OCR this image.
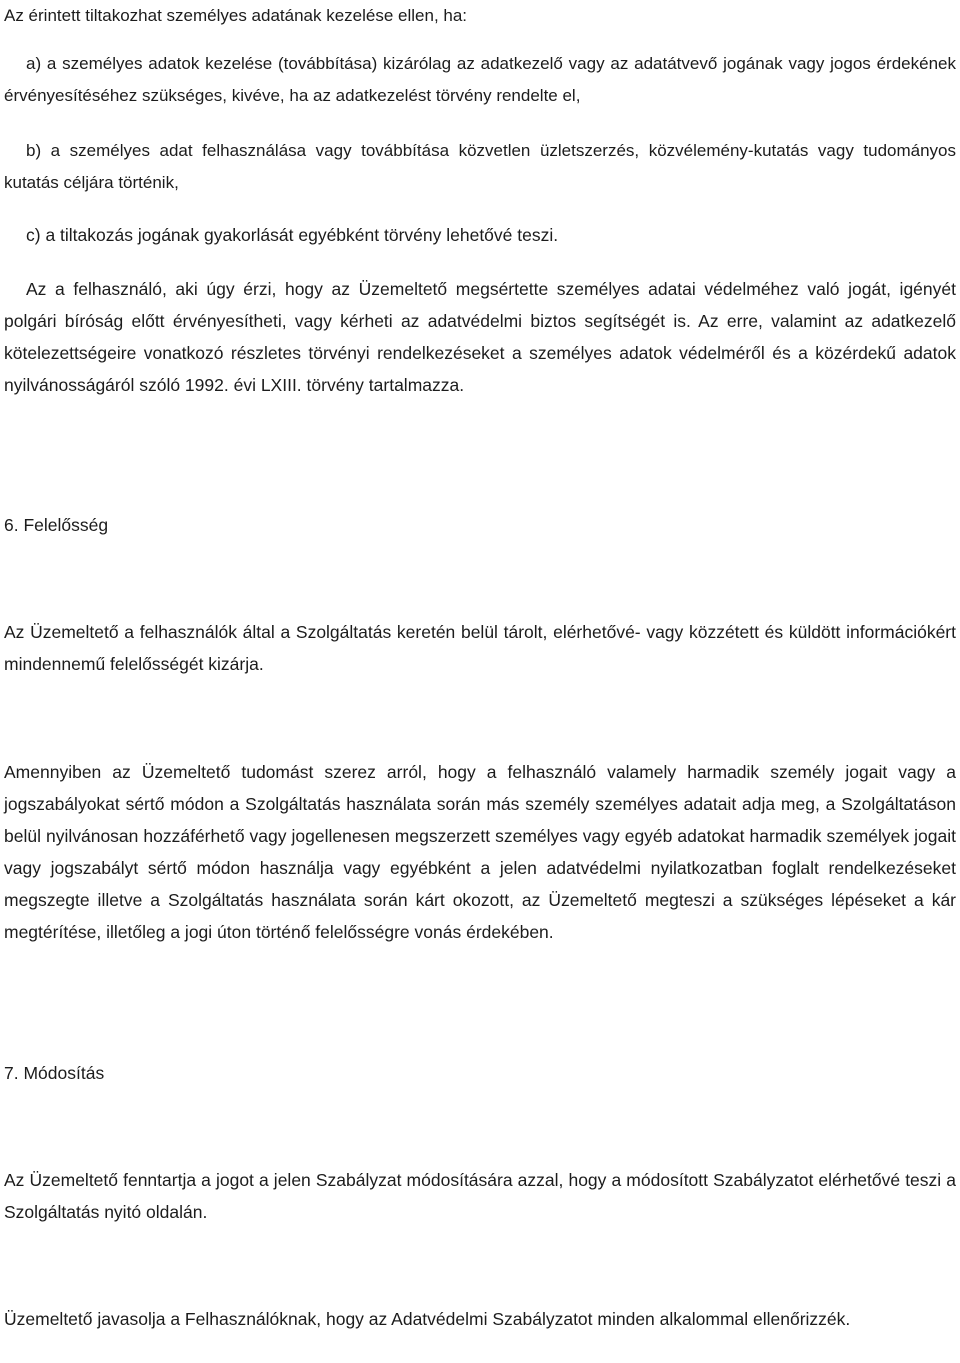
Az érintett tiltakozhat személyes adatának kezelése ellen, ha:

a) a személyes adatok kezelése (továbbítása) kizárólag az adatkezelő vagy az adatátvevő jogának vagy jogos érdekének érvényesítéséhez szükséges, kivéve, ha az adatkezelést törvény rendelte el,

b) a személyes adat felhasználása vagy továbbítása közvetlen üzletszerzés, közvélemény-kutatás vagy tudományos kutatás céljára történik,

c) a tiltakozás jogának gyakorlását egyébként törvény lehetővé teszi.

Az a felhasználó, aki úgy érzi, hogy az Üzemeltető megsértette személyes adatai védelméhez való jogát, igényét polgári bíróság előtt érvényesítheti, vagy kérheti az adatvédelmi biztos segítségét is. Az erre, valamint az adatkezelő kötelezettségeire vonatkozó részletes törvényi rendelkezéseket a személyes adatok védelméről és a közérdekű adatok nyilvánosságáról szóló 1992. évi LXIII. törvény tartalmazza.

6. Felelősség

Az Üzemeltető a felhasználók által a Szolgáltatás keretén belül tárolt, elérhetővé- vagy közzétett és küldött információkért mindennemű felelősségét kizárja.

Amennyiben az Üzemeltető tudomást szerez arról, hogy a felhasználó valamely harmadik személy jogait vagy a jogszabályokat sértő módon a Szolgáltatás használata során más személy személyes adatait adja meg, a Szolgáltatáson belül nyilvánosan hozzáférhető vagy jogellenesen megszerzett személyes vagy egyéb adatokat harmadik személyek jogait vagy jogszabályt sértő módon használja vagy egyébként a jelen adatvédelmi nyilatkozatban foglalt rendelkezéseket megszegte illetve a Szolgáltatás használata során kárt okozott, az Üzemeltető megteszi a szükséges lépéseket a kár megtérítése, illetőleg a jogi úton történő felelősségre vonás érdekében.

7. Módosítás

Az Üzemeltető fenntartja a jogot a jelen Szabályzat módosítására azzal, hogy a módosított Szabályzatot elérhetővé teszi a Szolgáltatás nyitó oldalán.

Üzemeltető javasolja a Felhasználóknak, hogy az Adatvédelmi Szabályzatot minden alkalommal ellenőrizzék.
